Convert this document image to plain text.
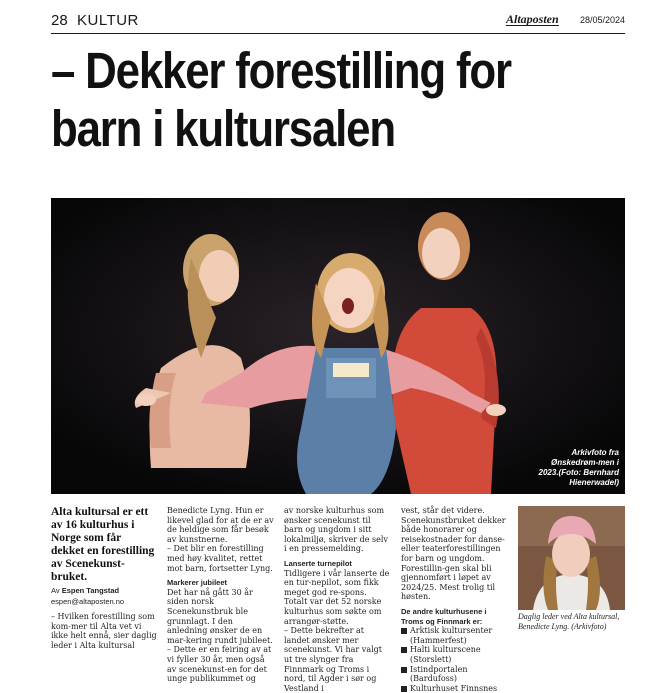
28 KULTUR	Altaposten 28/05/2024
– Dekker forestilling for barn i kultursalen
Arkivfoto fra Ønskedrøm-men i 2023.(Foto: Bernhard Hienerwadel)

Alta kultursal er ett av 16 kulturhus i Norge som får dekket en forestilling av Scenekunst-bruket.

Av Espen Tangstad
espen@altaposten.no

– Hvilken forestilling som kom-mer til Alta vet vi ikke helt ennå, sier daglig leder i Alta kultursal

Benedicte Lyng. Hun er likevel glad for at de er av de heldige som får besøk av kunstnerne.

– Det blir en forestilling med høy kvalitet, rettet mot barn, fortsetter Lyng.

Markerer jubileet

Det har nå gått 30 år siden norsk Scenekunstbruk ble grunnlagt. I den anledning ønsker de en mar-kering rundt jubileet.

– Dette er en feiring av at vi fyller 30 år, men også av scenekunst-en for det unge publikummet og

av norske kulturhus som ønsker scenekunst til barn og ungdom i sitt lokalmiljø, skriver de selv i en pressemelding.

Lanserte turnepilot

Tidligere i vår lanserte de en tur-nepilot, som fikk meget god re-spons. Totalt var det 52 norske kulturhus som søkte om arrangør-støtte.

– Dette bekrefter at landet ønsker mer scenekunst. Vi har valgt ut tre slynger fra Finnmark og Troms i nord, til Agder i sør og Vestland i

vest, står det videre. Scenekunstbruket dekker både honorarer og reisekostnader for danse- eller teaterforestillingen for barn og ungdom. Forestillin-gen skal bli gjennomført i løpet av 2024/25. Mest trolig til høsten.

De andre kulturhusene i Troms og Finnmark er:
Arktisk kultursenter (Hammerfest)
Halti kulturscene (Storslett)
Istindportalen (Bardufoss)
Kulturhuset Finnsnes
Daglig leder ved Alta kultursal, Benedicte Lyng. (Arkivfoto)
